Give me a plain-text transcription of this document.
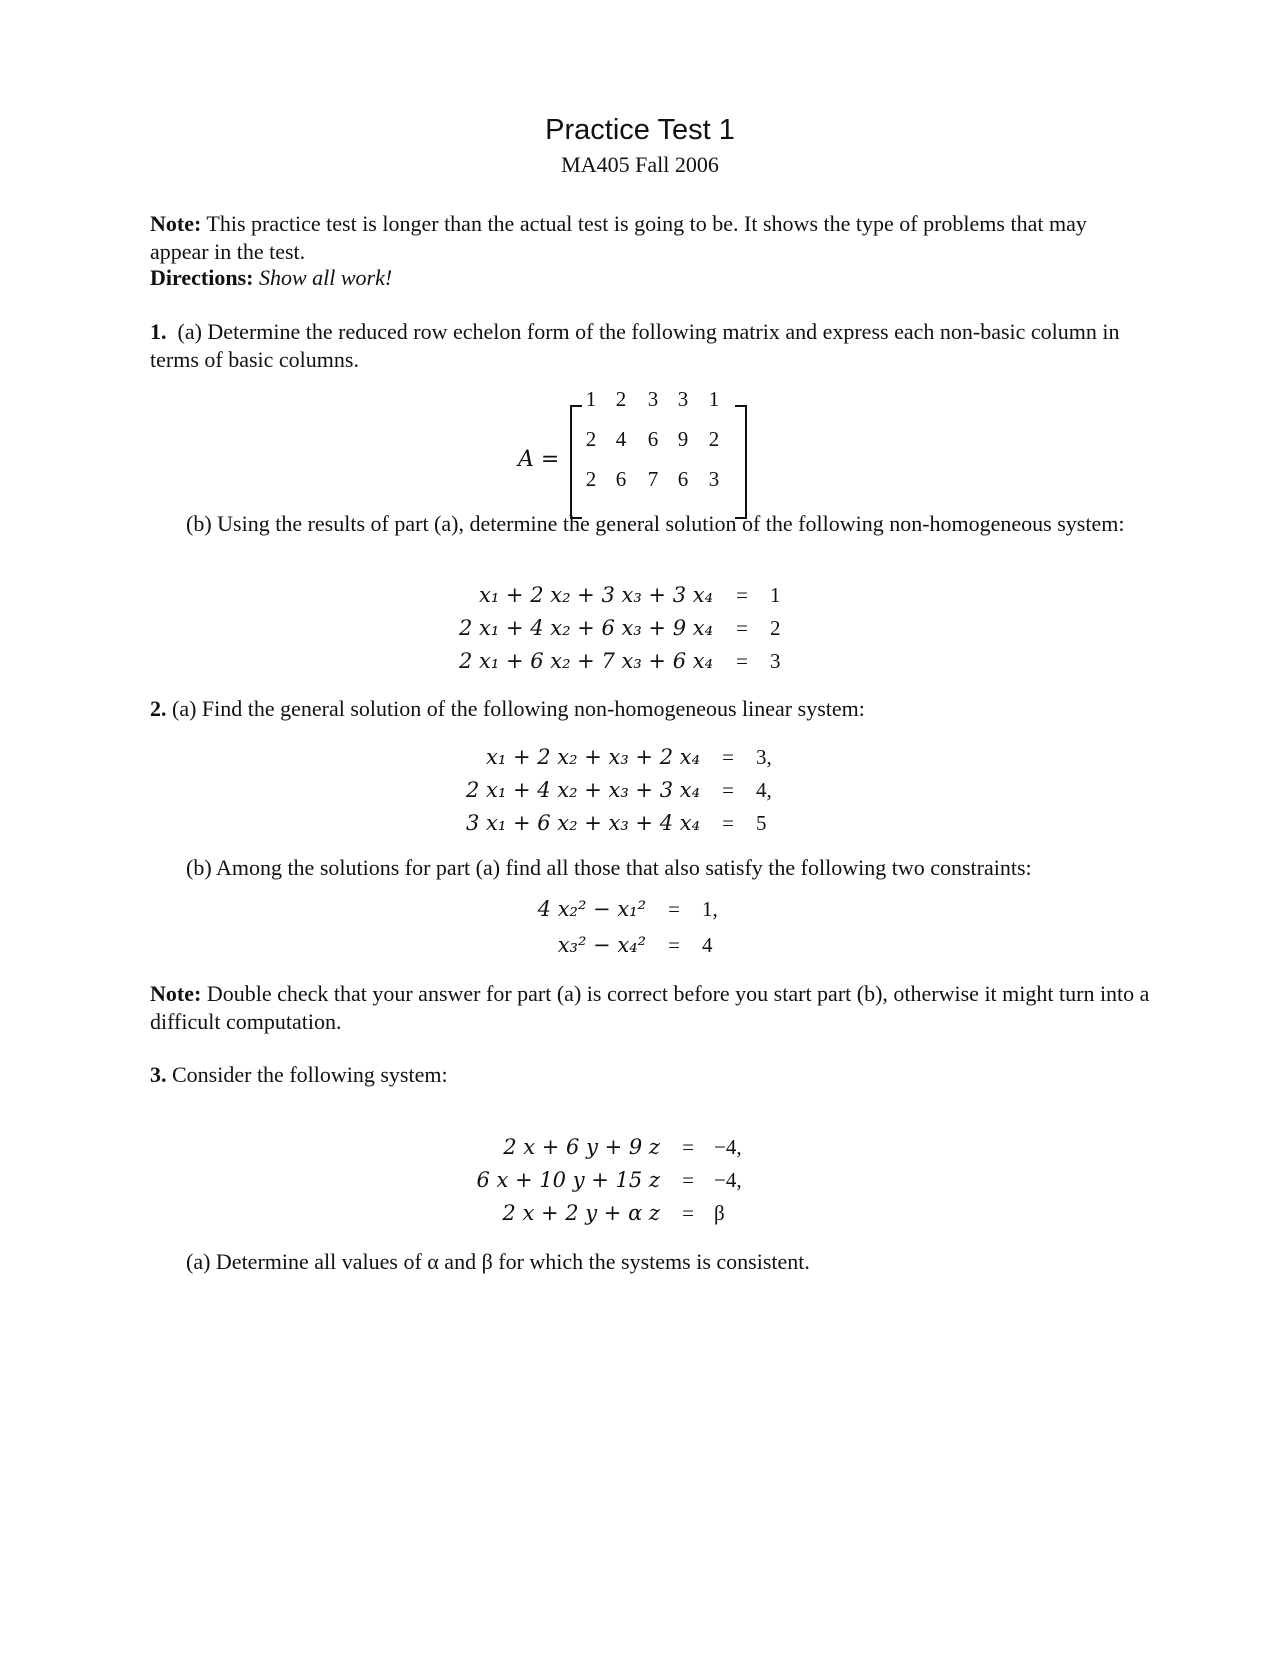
Practice Test 1
MA405 Fall 2006
Note: This practice test is longer than the actual test is going to be. It shows the type of problems that may appear in the test.
Directions: Show all work!
1. (a) Determine the reduced row echelon form of the following matrix and express each non-basic column in terms of basic columns.
A =
1 2	3 3 1
2 4	6 9 2
2 6	7 6 3
(b) Using the results of part (a), determine the general solution of the following non-homogeneous system:
x₁ + 2 x₂ + 3 x₃ + 3 x₄	=	1
2 x₁ + 4 x₂ + 6 x₃ + 9 x₄	=	2
2 x₁ + 6 x₂ + 7 x₃ + 6 x₄	=	3
2. (a) Find the general solution of the following non-homogeneous linear system:
x₁ + 2 x₂ + x₃ + 2 x₄	=	3,
2 x₁ + 4 x₂ + x₃ + 3 x₄	=	4,
3 x₁ + 6 x₂ + x₃ + 4 x₄	=	5
(b) Among the solutions for part (a) find all those that also satisfy the following two constraints:
4 x₂² − x₁²	=	1,
x₃² − x₄²	=	4
Note: Double check that your answer for part (a) is correct before you start part (b), otherwise it might turn into a difficult computation.
3. Consider the following system:
2 x + 6 y + 9 z	= −4,
6 x + 10 y + 15 z	= −4,
2 x + 2 y + α z	= β
(a) Determine all values of α and β for which the systems is consistent.
